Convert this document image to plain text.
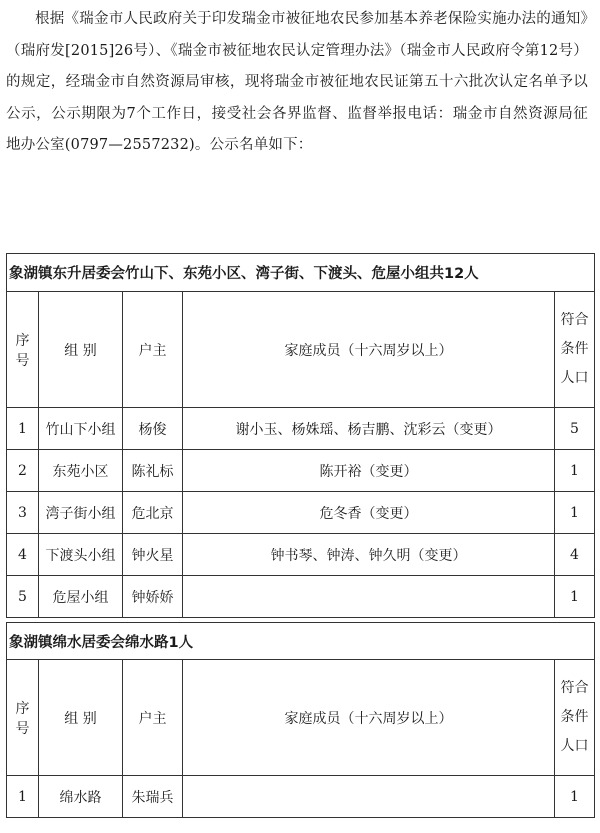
根据《瑞金市人民政府关于印发瑞金市被征地农民参加基本养老保险实施办法的通知》（瑞府发[2015]26号）、《瑞金市被征地农民认定管理办法》（瑞金市人民政府令第12号）的规定，经瑞金市自然资源局审核，现将瑞金市被征地农民证第五十六批次认定名单予以公示，公示期限为7个工作日，接受社会各界监督、监督举报电话：瑞金市自然资源局征地办公室(0797—2557232)。公示名单如下：

象湖镇东升居委会竹山下、东苑小区、湾子街、下渡头、危屋小组共12人				
序号	组 别	户主	家庭成员（十六周岁以上）	符合
条件
人口

1	竹山下小组	杨俊	谢小玉、杨姝瑶、杨吉鹏、沈彩云（变更）	5
2	东苑小区	陈礼标	陈开裕（变更）	1
3	湾子街小组	危北京	危冬香（变更）	1
4	下渡头小组	钟火星	钟书琴、钟涛、钟久明（变更）	4
5	危屋小组	钟娇娇		1
象湖镇绵水居委会绵水路1人				
序号	组 别	户主	家庭成员（十六周岁以上）	符合
条件
人口

1	绵水路	朱瑞兵		1
